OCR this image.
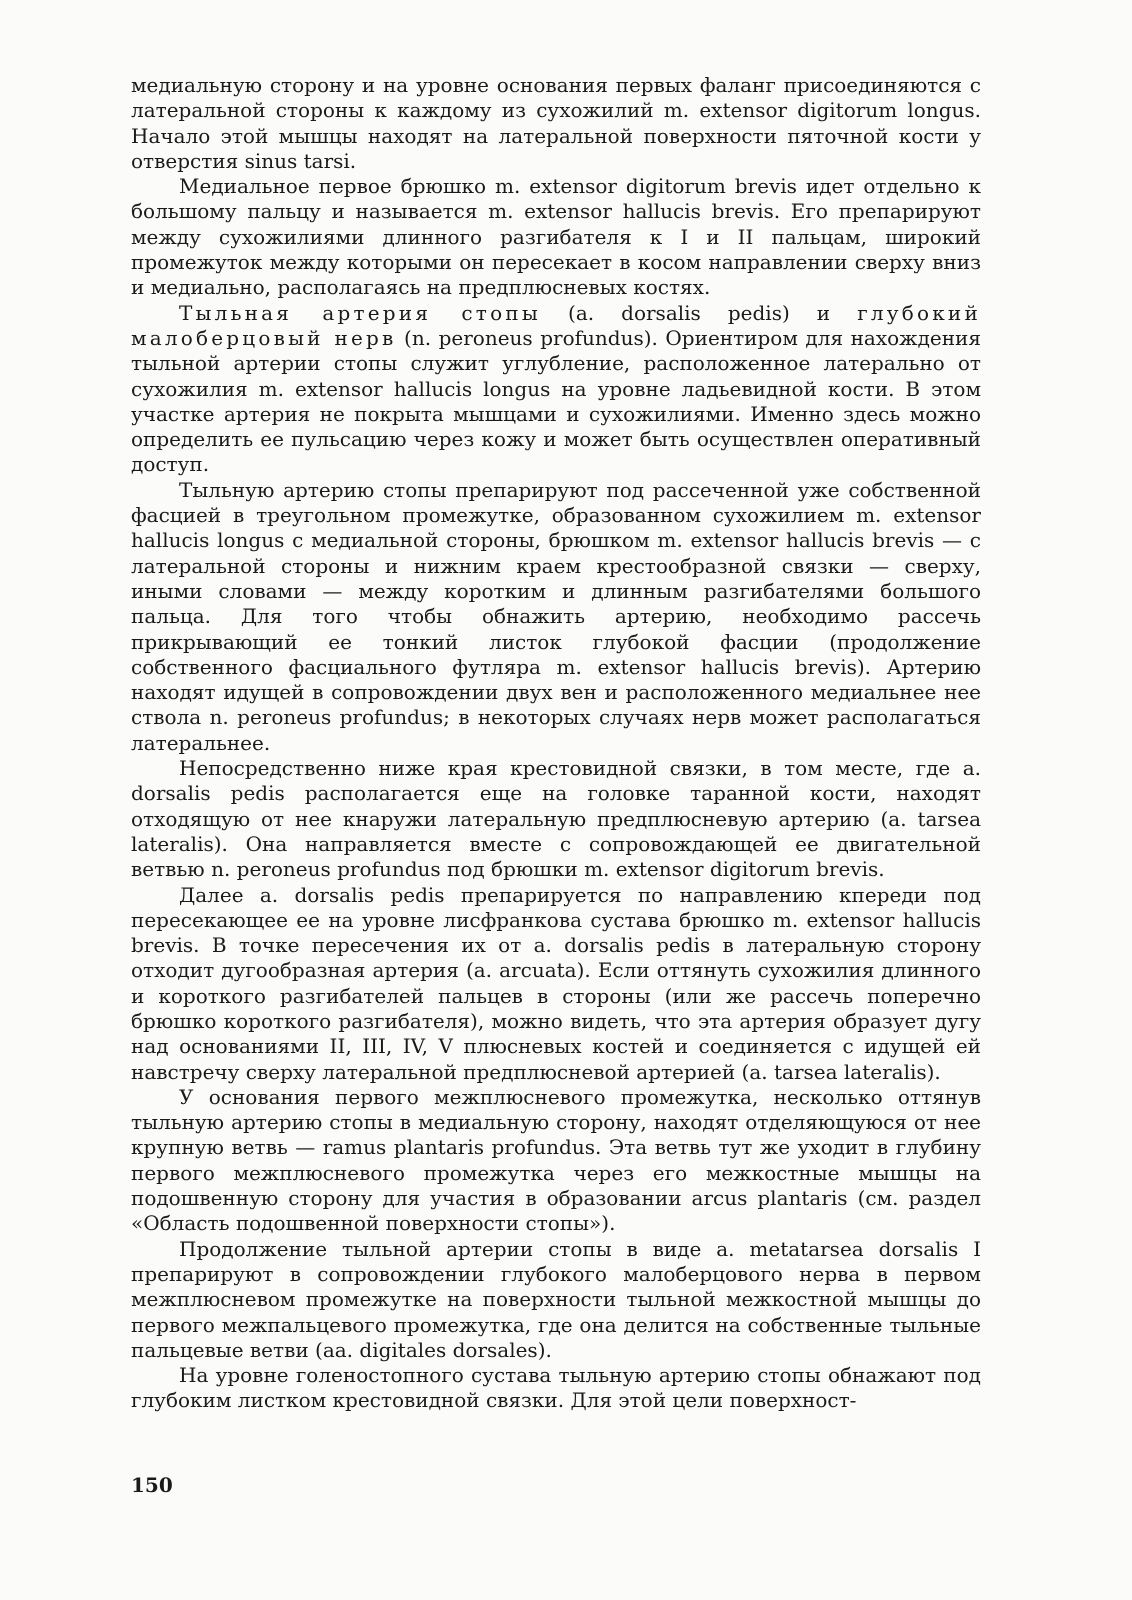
медиальную сторону и на уровне основания первых фаланг присоединяются с латеральной стороны к каждому из сухожилий m. extensor digitorum longus. Начало этой мышцы находят на латеральной поверхности пяточной кости у отверстия sinus tarsi.

Медиальное первое брюшко m. extensor digitorum brevis идет отдельно к большому пальцу и называется m. extensor hallucis brevis. Его препарируют между сухожилиями длинного разгибателя к I и II пальцам, широкий промежуток между которыми он пересекает в косом направлении сверху вниз и медиально, располагаясь на предплюсневых костях.

Тыльная артерия стопы (a. dorsalis pedis) и глубокий малоберцовый нерв (n. peroneus profundus). Ориентиром для нахождения тыльной артерии стопы служит углубление, расположенное латерально от сухожилия m. extensor hallucis longus на уровне ладьевидной кости. В этом участке артерия не покрыта мышцами и сухожилиями. Именно здесь можно определить ее пульсацию через кожу и может быть осуществлен оперативный доступ.

Тыльную артерию стопы препарируют под рассеченной уже собственной фасцией в треугольном промежутке, образованном сухожилием m. extensor hallucis longus с медиальной стороны, брюшком m. extensor hallucis brevis — с латеральной стороны и нижним краем крестообразной связки — сверху, иными словами — между коротким и длинным разгибателями большого пальца. Для того чтобы обнажить артерию, необходимо рассечь прикрывающий ее тонкий листок глубокой фасции (продолжение собственного фасциального футляра m. extensor hallucis brevis). Артерию находят идущей в сопровождении двух вен и расположенного медиальнее нее ствола n. peroneus profundus; в некоторых случаях нерв может располагаться латеральнее.

Непосредственно ниже края крестовидной связки, в том месте, где a. dorsalis pedis располагается еще на головке таранной кости, находят отходящую от нее кнаружи латеральную предплюсневую артерию (a. tarsea lateralis). Она направляется вместе с сопровождающей ее двигательной ветвью n. peroneus profundus под брюшки m. extensor digitorum brevis.

Далее a. dorsalis pedis препарируется по направлению кпереди под пересекающее ее на уровне лисфранкова сустава брюшко m. extensor hallucis brevis. В точке пересечения их от a. dorsalis pedis в латеральную сторону отходит дугообразная артерия (a. arcuata). Если оттянуть сухожилия длинного и короткого разгибателей пальцев в стороны (или же рассечь поперечно брюшко короткого разгибателя), можно видеть, что эта артерия образует дугу над основаниями II, III, IV, V плюсневых костей и соединяется с идущей ей навстречу сверху латеральной предплюсневой артерией (a. tarsea lateralis).

У основания первого межплюсневого промежутка, несколько оттянув тыльную артерию стопы в медиальную сторону, находят отделяющуюся от нее крупную ветвь — ramus plantaris profundus. Эта ветвь тут же уходит в глубину первого межплюсневого промежутка через его межкостные мышцы на подошвенную сторону для участия в образовании arcus plantaris (см. раздел «Область подошвенной поверхности стопы»).

Продолжение тыльной артерии стопы в виде a. metatarsea dorsalis I препарируют в сопровождении глубокого малоберцового нерва в первом межплюсневом промежутке на поверхности тыльной межкостной мышцы до первого межпальцевого промежутка, где она делится на собственные тыльные пальцевые ветви (aa. digitales dorsales).

На уровне голеностопного сустава тыльную артерию стопы обнажают под глубоким листком крестовидной связки. Для этой цели поверхност-

150
